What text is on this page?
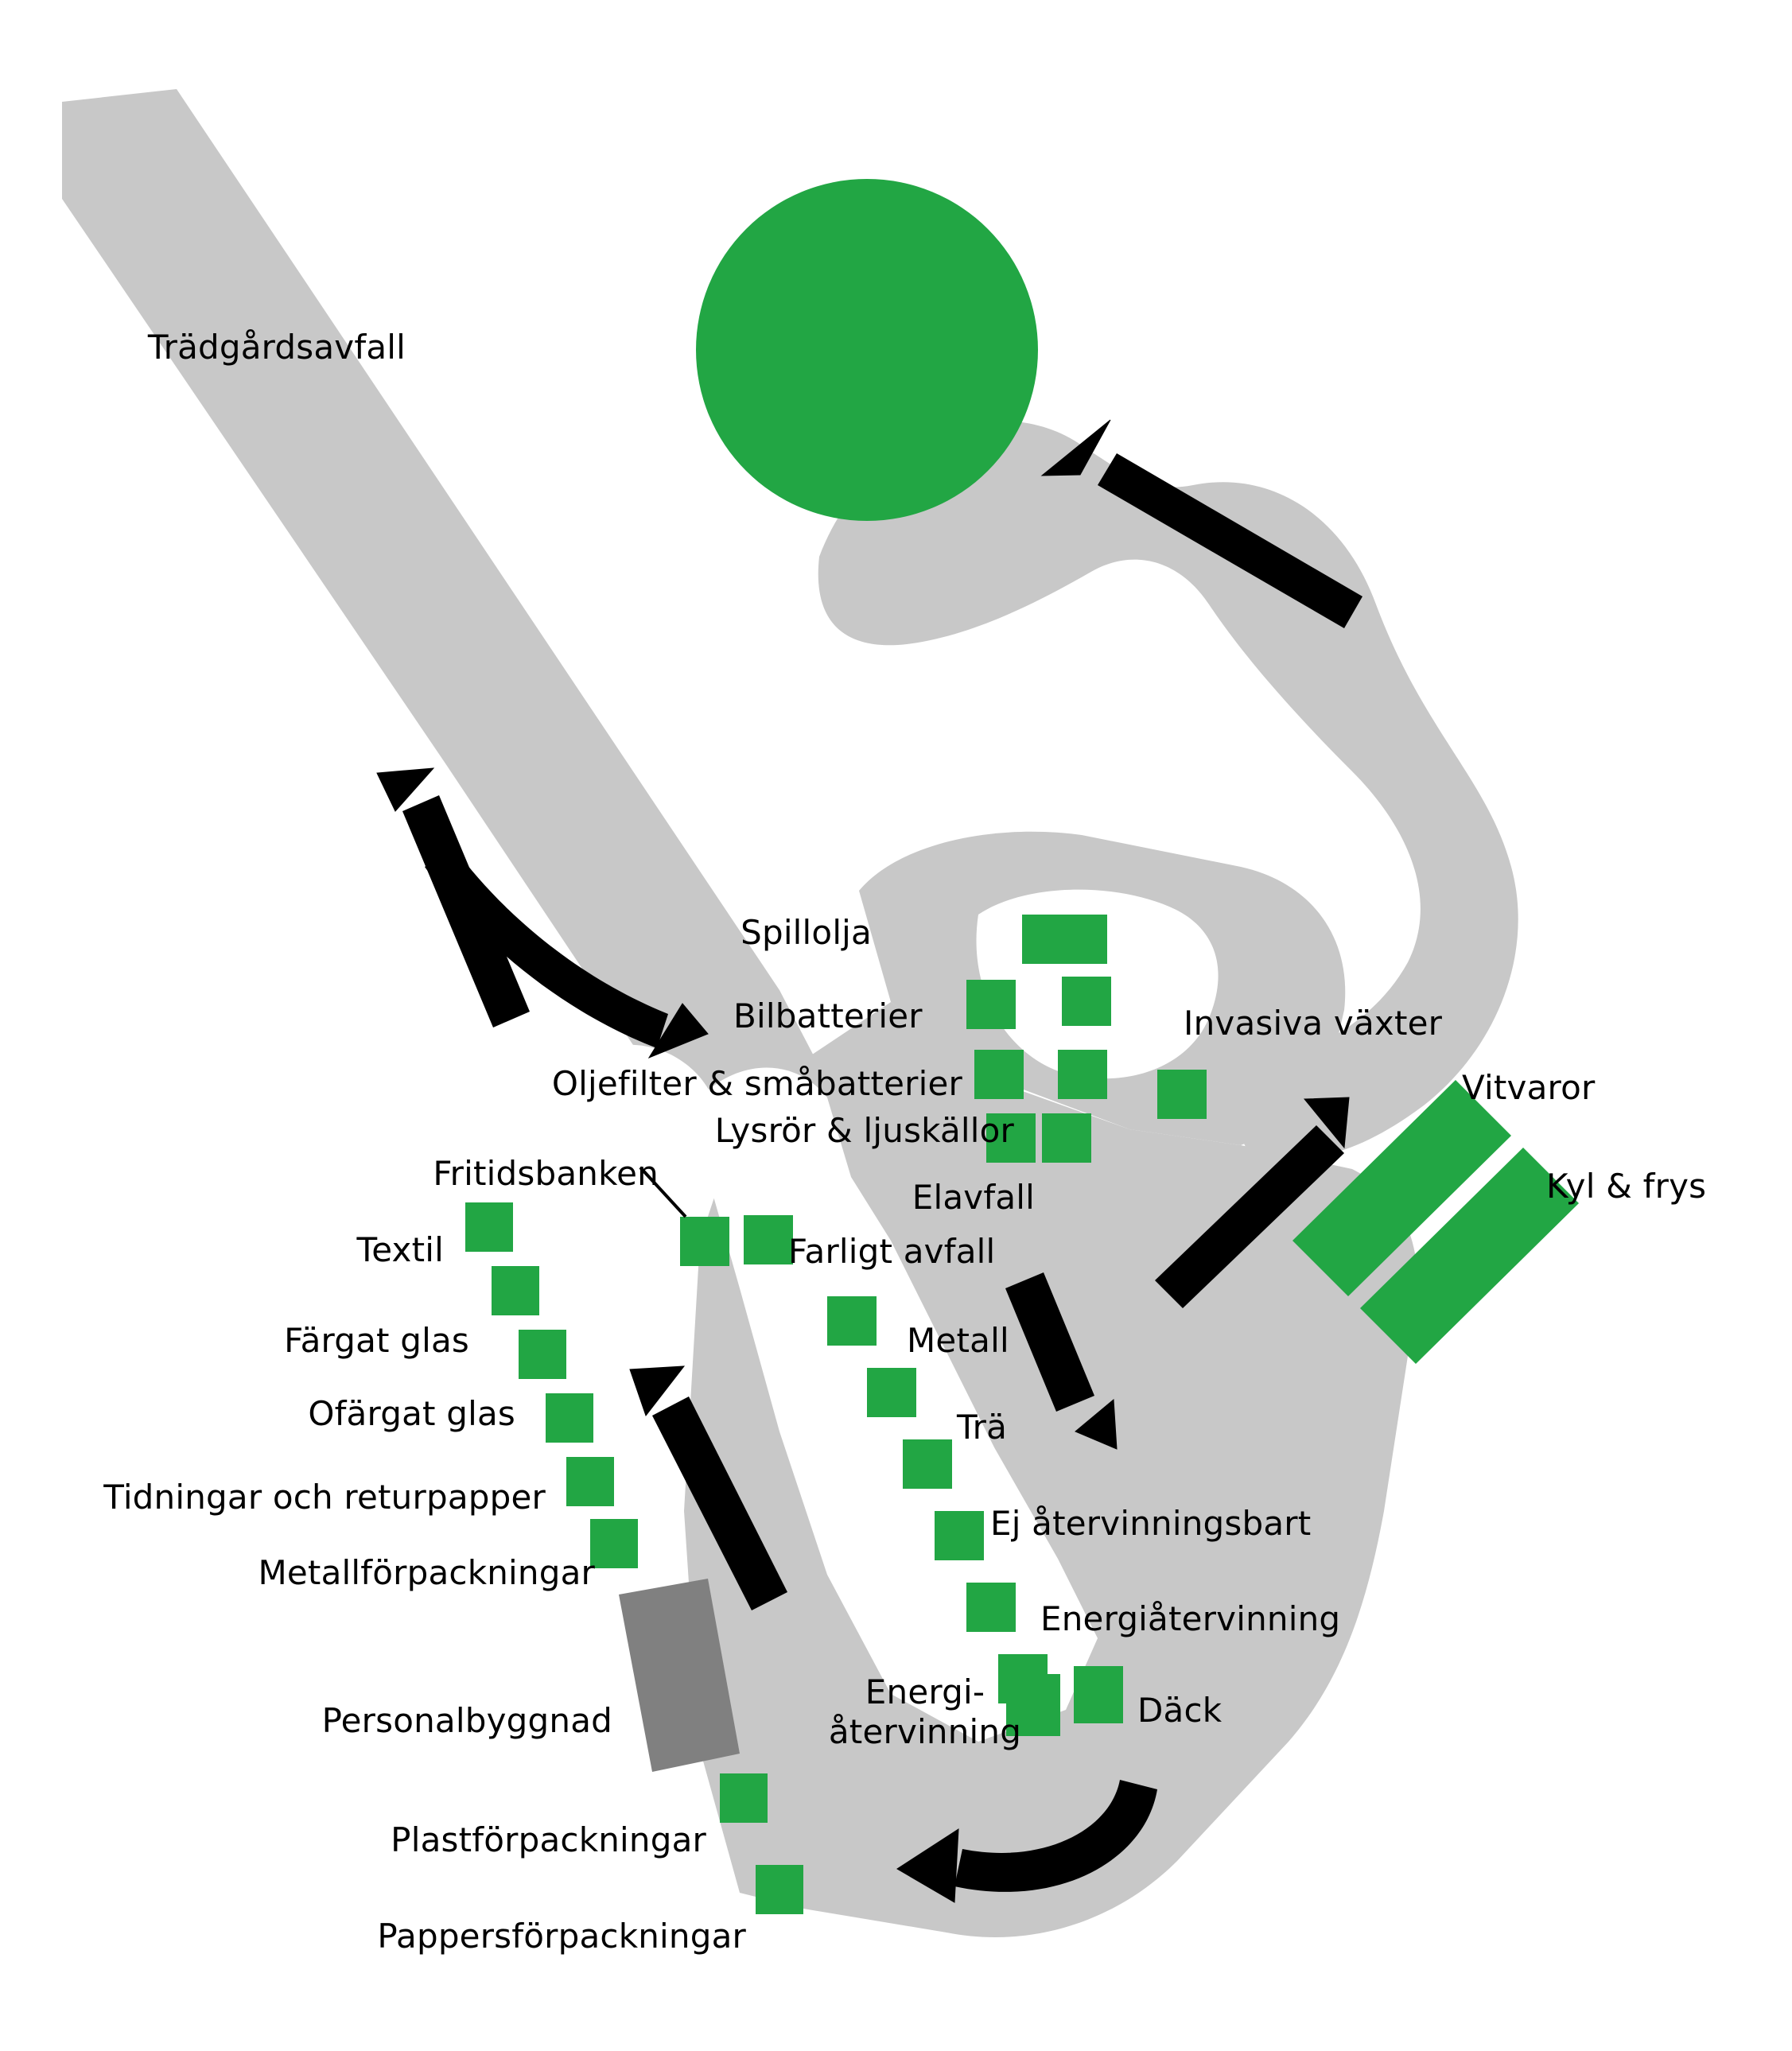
Trädgårdsavfall
Spillolja
Invasiva växter
Bilbatterier
Vitvaror
Oljefilter & småbatterier
Lysrör & ljuskällor
Kyl & frys
Fritidsbanken
Elavfall
Textil	Farligt avfall
Färgat glas	Metall
Ofärgat glas	Trä
Tidningar och returpapper
Ej återvinningsbart
Metallförpackningar
Energiåtervinning
Personalbyggnad
Energi-
återvinning
Däck
Plastförpackningar
Pappersförpackningar
